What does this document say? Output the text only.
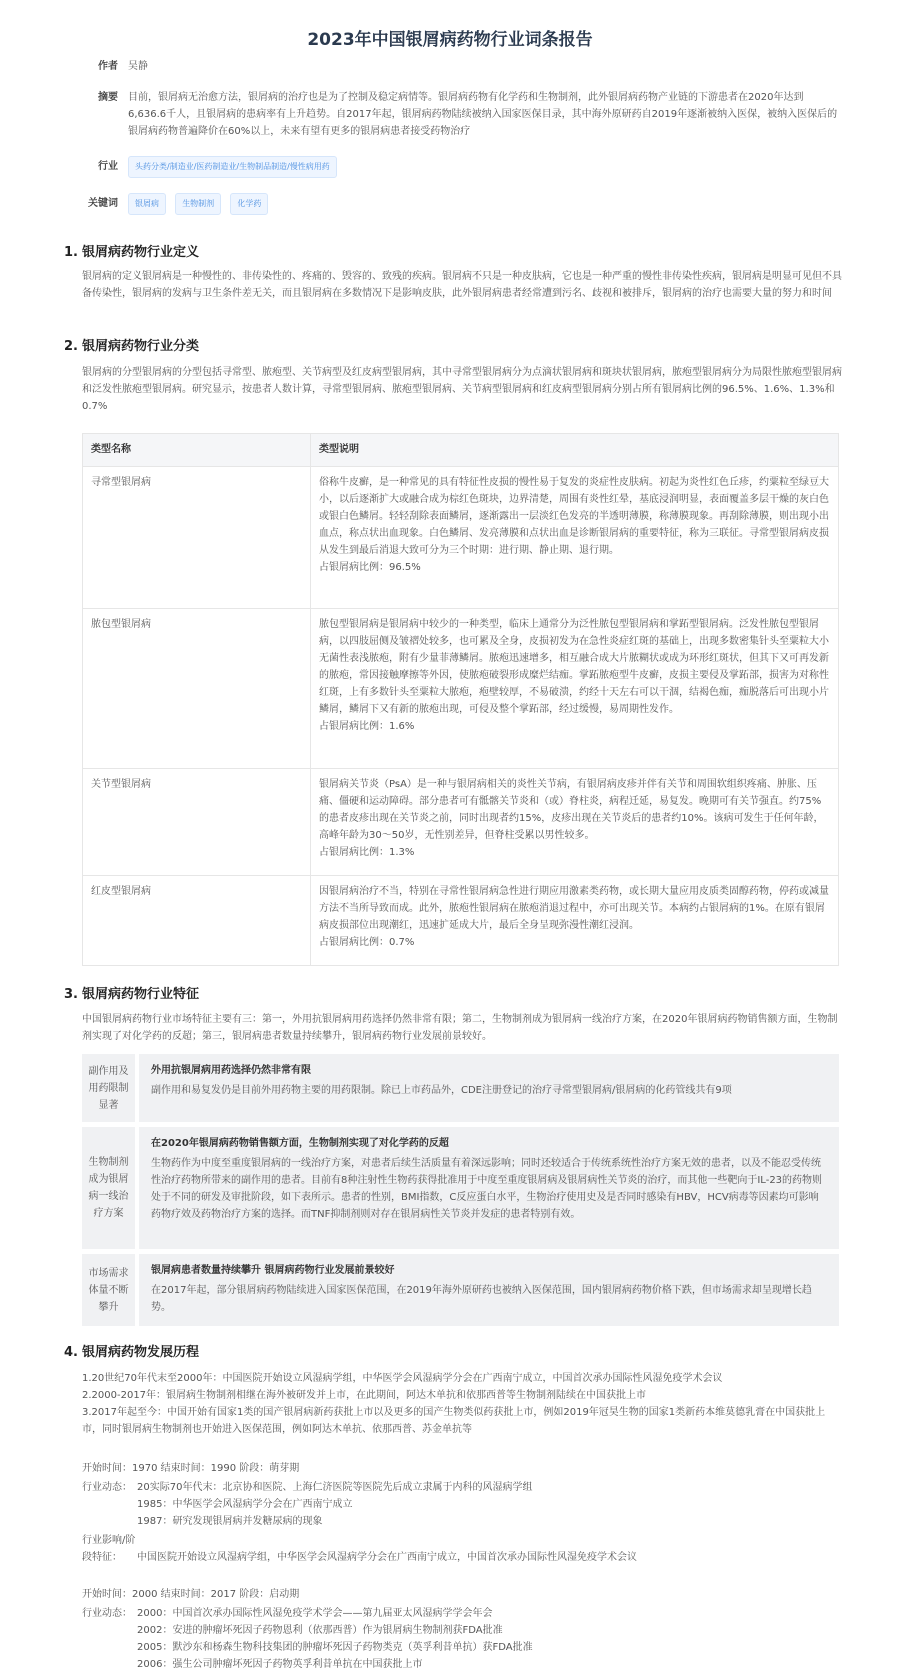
2023年中国银屑病药物行业词条报告
作者 吴静
摘要 目前，银屑病无治愈方法，银屑病的治疗也是为了控制及稳定病情等。银屑病药物有化学药和生物制剂，此外银屑病药物产业链的下游患者在2020年达到6,636.6千人，且银屑病的患病率有上升趋势。自2017年起，银屑病药物陆续被纳入国家医保目录，其中海外原研药自2019年逐渐被纳入医保，被纳入医保后的银屑病药物普遍降价在60%以上，未来有望有更多的银屑病患者接受药物治疗
行业	头药分类/制造业/医药制造业/生物制品制造/慢性病用药
关键词	银屑病	生物制剂	化学药
1. 银屑病药物行业定义
银屑病的定义银屑病是一种慢性的、非传染性的、疼痛的、毁容的、致残的疾病。银屑病不只是一种皮肤病，它也是一种严重的慢性非传染性疾病，银屑病是明显可见但不具备传染性，银屑病的发病与卫生条件差无关，而且银屑病在多数情况下是影响皮肤，此外银屑病患者经常遭到污名、歧视和被排斥，银屑病的治疗也需要大量的努力和时间
2. 银屑病药物行业分类
银屑病的分型银屑病的分型包括寻常型、脓疱型、关节病型及红皮病型银屑病，其中寻常型银屑病分为点滴状银屑病和斑块状银屑病，脓疱型银屑病分为局限性脓疱型银屑病和泛发性脓疱型银屑病。研究显示，按患者人数计算，寻常型银屑病、脓疱型银屑病、关节病型银屑病和红皮病型银屑病分别占所有银屑病比例的96.5%、1.6%、1.3%和0.7%
类型名称	类型说明
寻常型银屑病	俗称牛皮癣，是一种常见的具有特征性皮损的慢性易于复发的炎症性皮肤病。初起为炎性红色丘疹，约粟粒至绿豆大小，以后逐渐扩大或融合成为棕红色斑块，边界清楚，周围有炎性红晕，基底浸润明显，表面覆盖多层干燥的灰白色或银白色鳞屑。轻轻刮除表面鳞屑，逐渐露出一层淡红色发亮的半透明薄膜，称薄膜现象。再刮除薄膜，则出现小出血点，称点状出血现象。白色鳞屑、发亮薄膜和点状出血是诊断银屑病的重要特征，称为三联征。寻常型银屑病皮损从发生到最后消退大致可分为三个时期：进行期、静止期、退行期。
占银屑病比例：96.5%

脓包型银屑病	脓包型银屑病是银屑病中较少的一种类型，临床上通常分为泛性脓包型银屑病和掌跖型银屑病。泛发性脓包型银屑病，以四肢屈侧及皱褶处较多，也可累及全身，皮损初发为在急性炎症红斑的基础上，出现多数密集针头至粟粒大小无菌性表浅脓疱，附有少量菲薄鳞屑。脓疱迅速增多，相互融合成大片脓糊状或成为环形红斑状，但其下又可再发新的脓疱，常因接触摩擦等外因，使脓疱破裂形成糜烂结痂。掌跖脓疱型牛皮癣，皮损主要侵及掌跖部，损害为对称性红斑，上有多数针头至粟粒大脓疱，疱壁较厚，不易破溃，约经十天左右可以干涸，结褐色痂，痂脱落后可出现小片鳞屑，鳞屑下又有新的脓疱出现，可侵及整个掌跖部，经过缓慢，易周期性发作。
占银屑病比例：1.6%

关节型银屑病	银屑病关节炎（PsA）是一种与银屑病相关的炎性关节病，有银屑病皮疹并伴有关节和周围软组织疼痛、肿胀、压痛、僵硬和运动障碍。部分患者可有骶髂关节炎和（或）脊柱炎，病程迁延，易复发。晚期可有关节强直。约75%的患者皮疹出现在关节炎之前，同时出现者约15%，皮疹出现在关节炎后的患者约10%。该病可发生于任何年龄，高峰年龄为30～50岁，无性别差异，但脊柱受累以男性较多。
占银屑病比例：1.3%

红皮型银屑病	因银屑病治疗不当，特别在寻常性银屑病急性进行期应用激素类药物，或长期大量应用皮质类固醇药物，停药或减量方法不当所导致而成。此外，脓疱性银屑病在脓疱消退过程中，亦可出现关节。本病约占银屑病的1%。在原有银屑病皮损部位出现潮红，迅速扩延成大片，最后全身呈现弥漫性潮红浸润。
占银屑病比例：0.7%
3. 银屑病药物行业特征
中国银屑病药物行业市场特征主要有三：第一，外用抗银屑病用药选择仍然非常有限；第二，生物制剂成为银屑病一线治疗方案，在2020年银屑病药物销售额方面，生物制剂实现了对化学药的反超；第三，银屑病患者数量持续攀升，银屑病药物行业发展前景较好。
副作用及用药限制显著
外用抗银屑病用药选择仍然非常有限
副作用和易复发仍是目前外用药物主要的用药限制。除已上市药品外，CDE注册登记的治疗寻常型银屑病/银屑病的化药管线共有9项
生物制剂成为银屑病一线治疗方案
在2020年银屑病药物销售额方面，生物制剂实现了对化学药的反超
生物药作为中度至重度银屑病的一线治疗方案，对患者后续生活质量有着深远影响；同时还较适合于传统系统性治疗方案无效的患者，以及不能忍受传统性治疗药物所带来的副作用的患者。目前有8种注射性生物药获得批准用于中度至重度银屑病及银屑病性关节炎的治疗，而其他一些靶向于IL-23的药物则处于不同的研发及审批阶段，如下表所示。患者的性别，BMI指数，C反应蛋白水平，生物治疗使用史及是否同时感染有HBV，HCV病毒等因素均可影响药物疗效及药物治疗方案的选择。而TNF抑制剂则对存在银屑病性关节炎并发症的患者特别有效。
市场需求体量不断攀升
银屑病患者数量持续攀升 银屑病药物行业发展前景较好
在2017年起，部分银屑病药物陆续进入国家医保范围，在2019年海外原研药也被纳入医保范围，国内银屑病药物价格下跌，但市场需求却呈现增长趋势。
4. 银屑病药物发展历程
1.20世纪70年代末至2000年：中国医院开始设立风湿病学组，中华医学会风湿病学分会在广西南宁成立，中国首次承办国际性风湿免疫学术会议
2.2000-2017年：银屑病生物制剂相继在海外被研发并上市，在此期间，阿达木单抗和依那西普等生物制剂陆续在中国获批上市
3.2017年起至今：中国开始有国家1类的国产银屑病新药获批上市以及更多的国产生物类似药获批上市，例如2019年冠昊生物的国家1类新药本维莫德乳膏在中国获批上市，同时银屑病生物制剂也开始进入医保范围，例如阿达木单抗、依那西普、苏金单抗等
开始时间：1970 结束时间：1990 阶段：萌芽期
行业动态： 20实际70年代末：北京协和医院、上海仁济医院等医院先后成立隶属于内科的风湿病学组
1985：中华医学会风湿病学分会在广西南宁成立
1987：研究发现银屑病并发糖尿病的现象
行业影响/阶段特征：	中国医院开始设立风湿病学组，中华医学会风湿病学分会在广西南宁成立，中国首次承办国际性风湿免疫学术会议
开始时间：2000 结束时间：2017 阶段：启动期
行业动态： 2000：中国首次承办国际性风湿免疫学术学会——第九届亚太风湿病学学会年会
2002：安进的肿瘤坏死因子药物恩利（依那西普）作为银屑病生物制剂获FDA批准
2005：默沙东和杨森生物科技集团的肿瘤坏死因子药物类克（英孚利昔单抗）获FDA批准
2006：强生公司肿瘤坏死因子药物英孚利昔单抗在中国获批上市
